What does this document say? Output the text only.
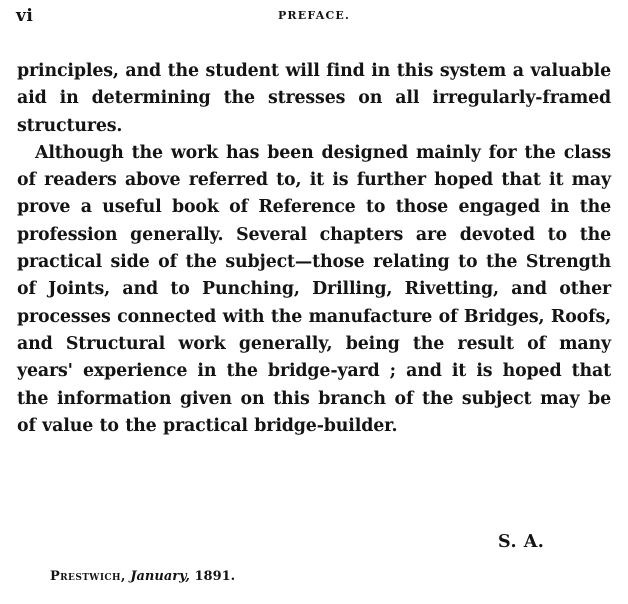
vi	PREFACE.

principles, and the student will find in this system a valuable aid in determining the stresses on all irregularly-framed structures.

Although the work has been designed mainly for the class of readers above referred to, it is further hoped that it may prove a useful book of Reference to those engaged in the profession generally. Several chapters are devoted to the practical side of the subject—those relating to the Strength of Joints, and to Punching, Drilling, Rivetting, and other processes connected with the manufacture of Bridges, Roofs, and Structural work generally, being the result of many years' experience in the bridge-yard ; and it is hoped that the information given on this branch of the subject may be of value to the practical bridge-builder.

S. A.
Prestwich, January, 1891.
